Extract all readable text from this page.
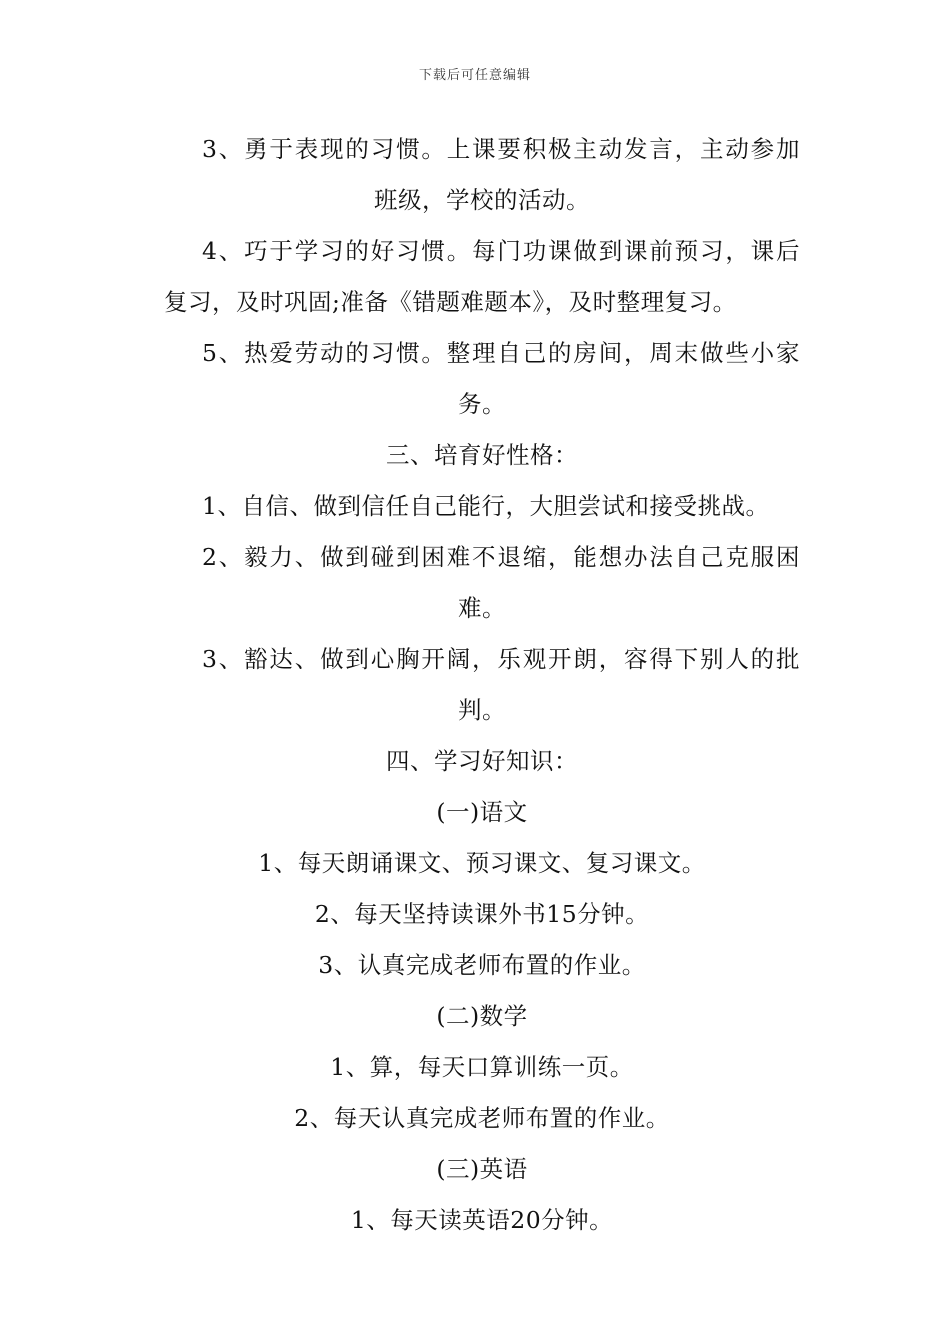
下载后可任意编辑
3、勇于表现的习惯。上课要积极主动发言，主动参加
班级，学校的活动。
4、巧于学习的好习惯。每门功课做到课前预习，课后
复习，及时巩固;准备《错题难题本》，及时整理复习。
5、热爱劳动的习惯。整理自己的房间，周末做些小家
务。
三、培育好性格：
1、自信、做到信任自己能行，大胆尝试和接受挑战。
2、毅力、做到碰到困难不退缩，能想办法自己克服困
难。
3、豁达、做到心胸开阔，乐观开朗，容得下别人的批
判。
四、学习好知识：
(一)语文
1、每天朗诵课文、预习课文、复习课文。
2、每天坚持读课外书15分钟。
3、认真完成老师布置的作业。
(二)数学
1、算，每天口算训练一页。
2、每天认真完成老师布置的作业。
(三)英语
1、每天读英语20分钟。
